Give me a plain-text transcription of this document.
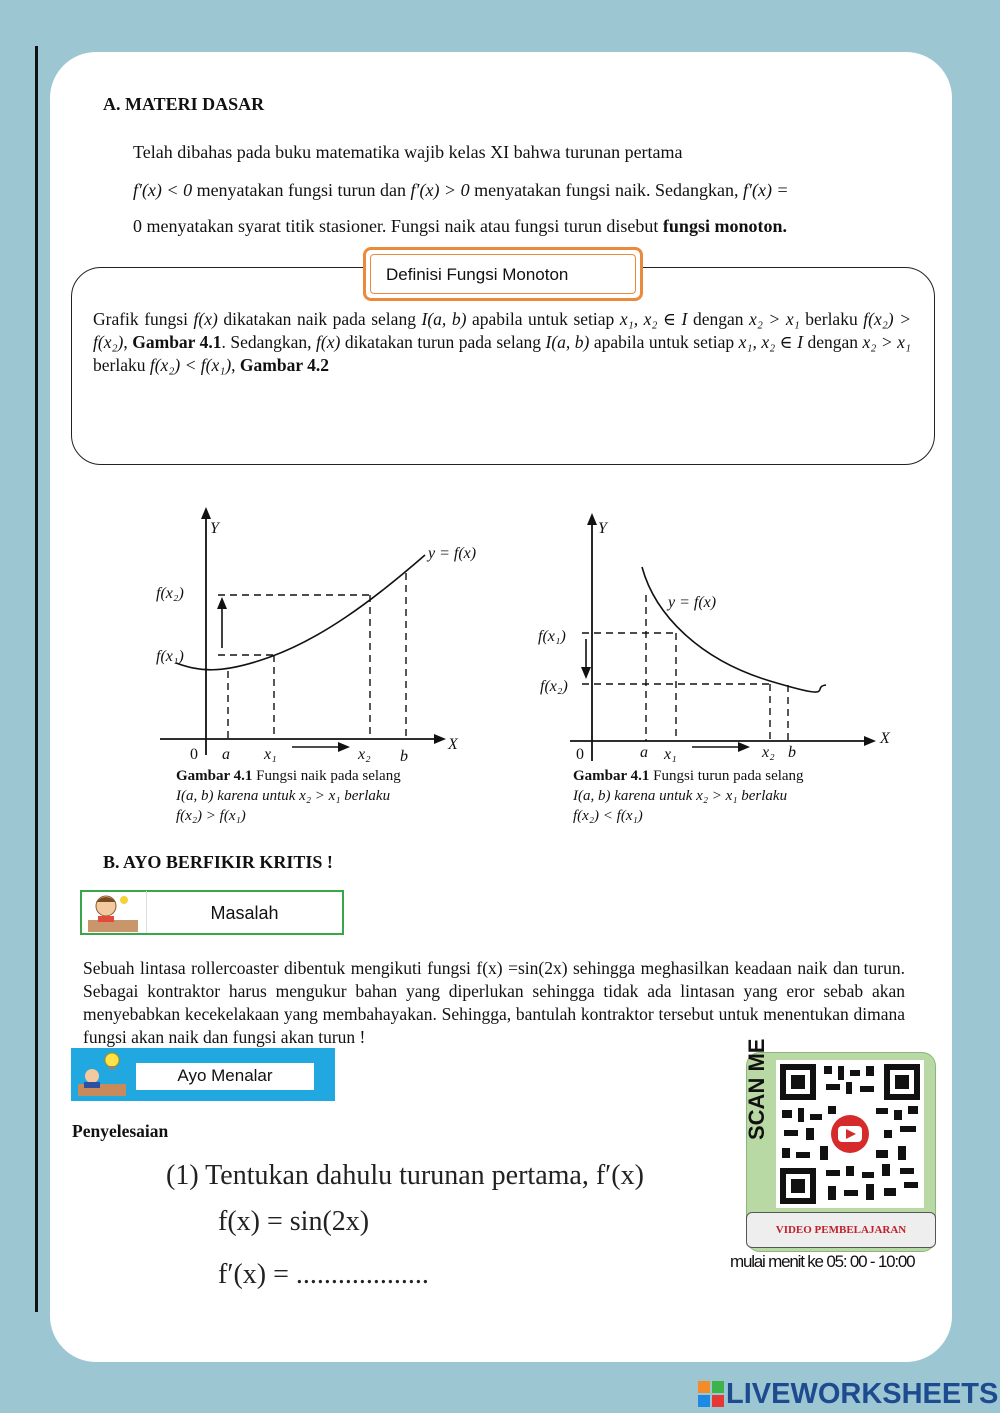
A. MATERI DASAR
Telah dibahas pada buku matematika wajib kelas XI bahwa turunan pertama
f′(x) < 0 menyatakan fungsi turun dan f′(x) > 0 menyatakan fungsi naik. Sedangkan, f′(x) =
0 menyatakan syarat titik stasioner. Fungsi naik atau fungsi turun disebut fungsi monoton.
Definisi Fungsi Monoton
Grafik fungsi f(x) dikatakan naik pada selang I(a, b) apabila untuk setiap x₁, x₂ ∈ I dengan x₂ > x₁ berlaku f(x₂) > f(x₂), Gambar 4.1. Sedangkan, f(x) dikatakan turun pada selang I(a, b) apabila untuk setiap x₁, x₂ ∈ I dengan x₂ > x₁ berlaku f(x₂) < f(x₁), Gambar 4.2
Y
X
0
y = f(x)
f(x₂)
f(x₁)
a x₁	x₂ b
Gambar 4.1 Fungsi naik pada selang
I(a, b) karena untuk x₂ > x₁ berlaku
f(x₂) > f(x₁)
Y
X
0
y = f(x)
f(x₁)
f(x₂)
a x₁	x₂ b
Gambar 4.1 Fungsi turun pada selang
I(a, b) karena untuk x₂ > x₁ berlaku
f(x₂) < f(x₁)
B. AYO BERFIKIR KRITIS !
Masalah
Sebuah lintasa rollercoaster dibentuk mengikuti fungsi f(x) =sin(2x) sehingga meghasilkan keadaan naik dan turun. Sebagai kontraktor harus mengukur bahan yang diperlukan sehingga tidak ada lintasan yang eror sebab akan menyebabkan kecekelakaan yang membahayakan. Sehingga, bantulah kontraktor tersebut untuk menentukan dimana fungsi akan naik dan fungsi akan turun !
Ayo Menalar
Penyelesaian
(1) Tentukan dahulu turunan pertama, f′(x)
f(x) = sin(2x)
f′(x) = ...................
SCAN ME
VIDEO PEMBELAJARAN
mulai menit ke 05: 00 - 10:00
LIVEWORKSHEETS
